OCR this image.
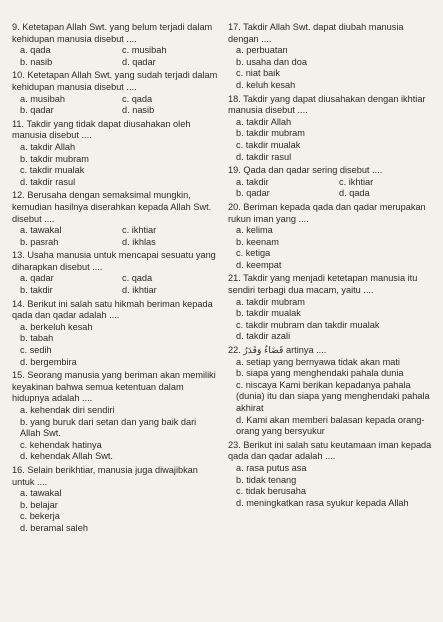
9. Ketetapan Allah Swt. yang belum terjadi dalam kehidupan manusia disebut ....
a. qada	c. musibah
b. nasib	d. qadar
10. Ketetapan Allah Swt. yang sudah terjadi dalam kehidupan manusia disebut ....
a. musibah	c. qada
b. qadar	d. nasib
11. Takdir yang tidak dapat diusahakan oleh manusia disebut ....
a. takdir Allah
b. takdir mubram
c. takdir mualak
d. takdir rasul
12. Berusaha dengan semaksimal mungkin, kemudian hasilnya diserahkan kepada Allah Swt. disebut ....
a. tawakal	c. ikhtiar
b. pasrah	d. ikhlas
13. Usaha manusia untuk mencapai sesuatu yang diharapkan disebut ....
a. qadar	c. qada
b. takdir	d. ikhtiar
14. Berikut ini salah satu hikmah beriman kepada qada dan qadar adalah ....
a. berkeluh kesah
b. tabah
c. sedih
d. bergembira
15. Seorang manusia yang beriman akan memiliki keyakinan bahwa semua ketentuan dalam hidupnya adalah ....
a. kehendak diri sendiri
b. yang buruk dari setan dan yang baik dari Allah Swt.
c. kehendak hatinya
d. kehendak Allah Swt.
16. Selain berikhtiar, manusia juga diwajibkan untuk ....
a. tawakal
b. belajar
c. bekerja
d. beramal saleh
17. Takdir Allah Swt. dapat diubah manusia dengan ....
a. perbuatan
b. usaha dan doa
c. niat baik
d. keluh kesah
18. Takdir yang dapat diusahakan dengan ikhtiar manusia disebut ....
a. takdir Allah
b. takdir mubram
c. takdir mualak
d. takdir rasul
19. Qada dan qadar sering disebut ....
a. takdir	c. ikhtiar
b. qadar	d. qada
20. Beriman kepada qada dan qadar merupakan rukun iman yang ....
a. kelima
b. keenam
c. ketiga
d. keempat
21. Takdir yang menjadi ketetapan manusia itu sendiri terbagi dua macam, yaitu ....
a. takdir mubram
b. takdir mualak
c. takdir mubram dan takdir mualak
d. takdir azali
22. قَضَاءٌ وَقَدَرٌ artinya ....
a. setiap yang bernyawa tidak akan mati
b. siapa yang menghendaki pahala dunia
c. niscaya Kami berikan kepadanya pahala (dunia) itu dan siapa yang menghendaki pahala akhirat
d. Kami akan memberi balasan kepada orang-orang yang bersyukur
23. Berikut ini salah satu keutamaan iman kepada qada dan qadar adalah ....
a. rasa putus asa
b. tidak tenang
c. tidak berusaha
d. meningkatkan rasa syukur kepada Allah
